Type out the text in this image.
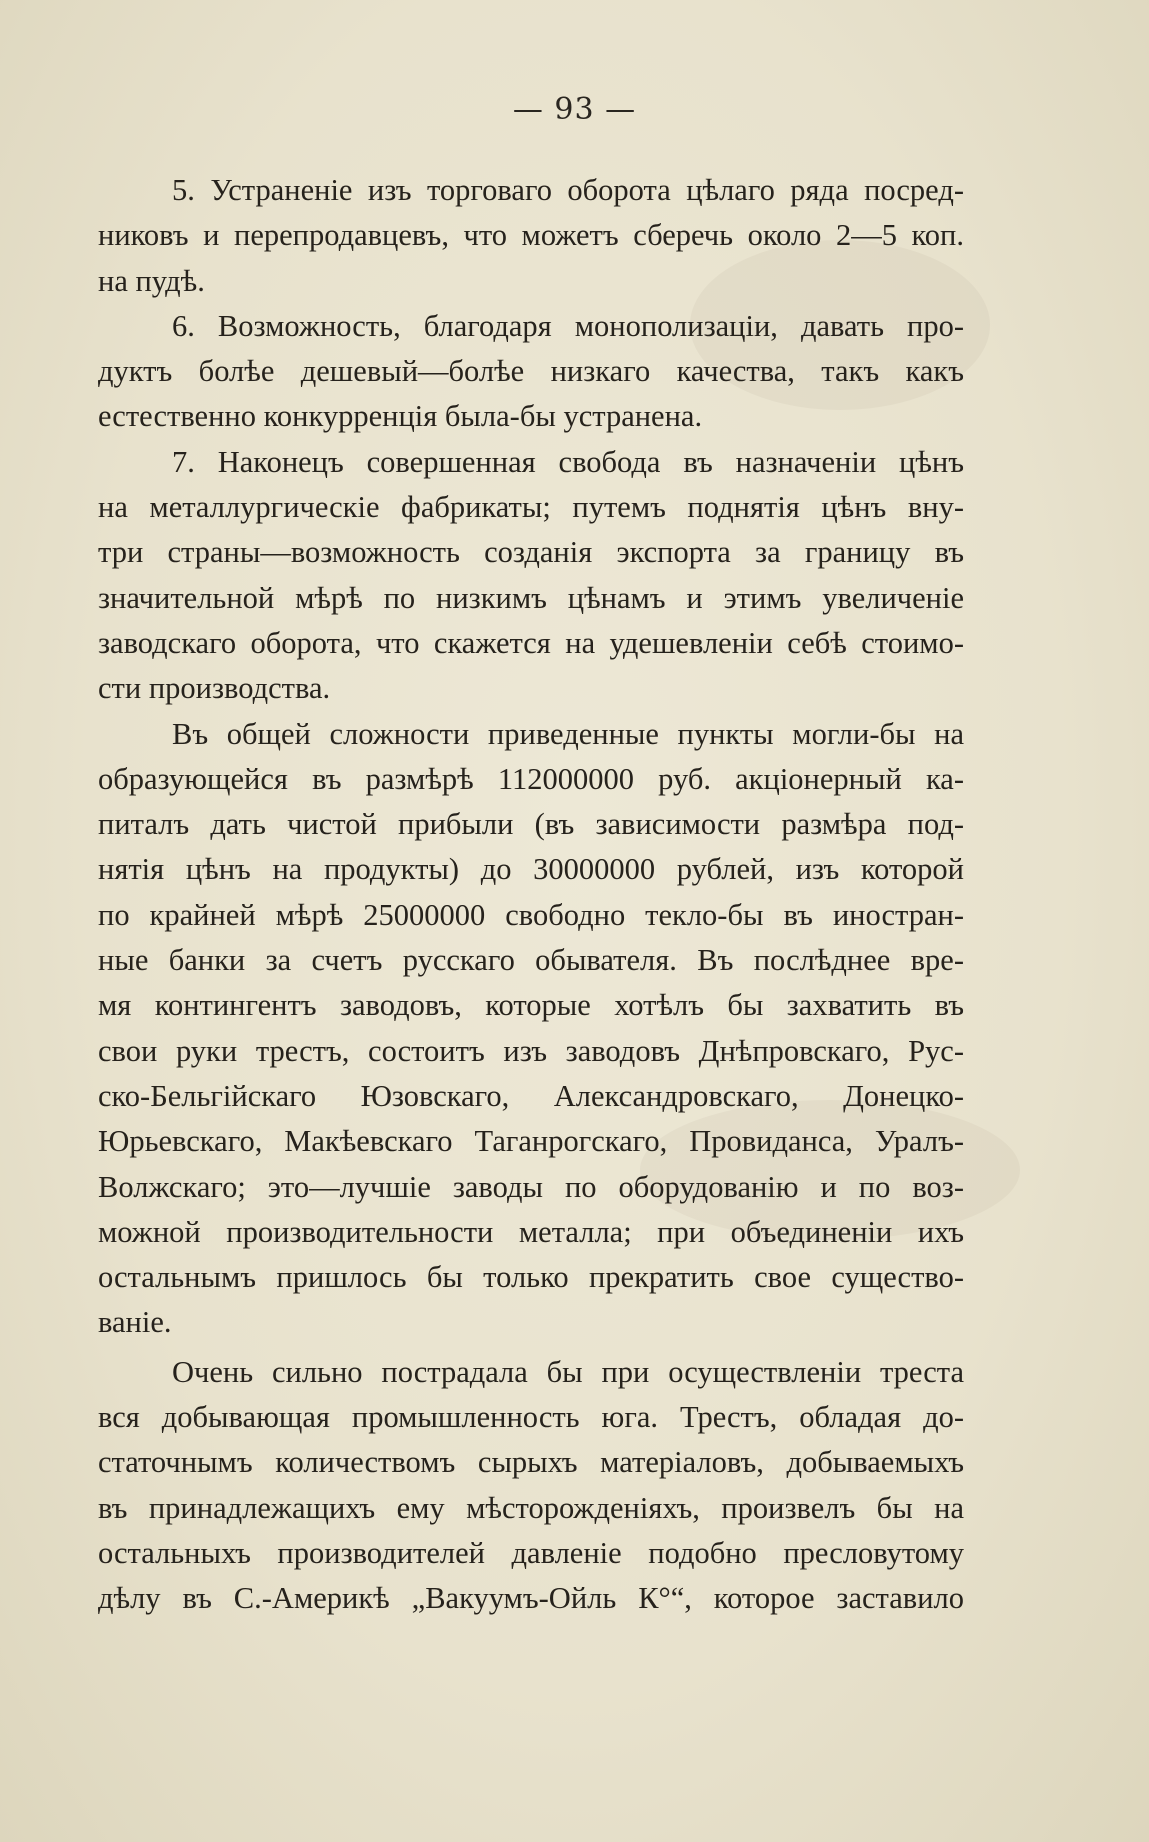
— 93 —
5. Устраненіе изъ торговаго оборота цѣлаго ряда посред-
никовъ и перепродавцевъ, что можетъ сберечь около 2—5 коп.
на пудѣ.
6. Возможность, благодаря монополизаціи, давать про-
дуктъ болѣе дешевый—болѣе низкаго качества, такъ какъ
естественно конкурренція была-бы устранена.
7. Наконецъ совершенная свобода въ назначеніи цѣнъ
на металлургическіе фабрикаты; путемъ поднятія цѣнъ вну-
три страны—возможность созданія экспорта за границу въ
значительной мѣрѣ по низкимъ цѣнамъ и этимъ увеличеніе
заводскаго оборота, что скажется на удешевленіи себѣ стоимо-
сти производства.
Въ общей сложности приведенные пункты могли-бы на
образующейся въ размѣрѣ 112000000 руб. акціонерный ка-
питалъ дать чистой прибыли (въ зависимости размѣра под-
нятія цѣнъ на продукты) до 30000000 рублей, изъ которой
по крайней мѣрѣ 25000000 свободно текло-бы въ иностран-
ные банки за счетъ русскаго обывателя. Въ послѣднее вре-
мя контингентъ заводовъ, которые хотѣлъ бы захватить въ
свои руки трестъ, состоитъ изъ заводовъ Днѣпровскаго, Рус-
ско-Бельгійскаго Юзовскаго, Александровскаго, Донецко-
Юрьевскаго, Макѣевскаго Таганрогскаго, Провиданса, Уралъ-
Волжскаго; это—лучшіе заводы по оборудованію и по воз-
можной производительности металла; при объединеніи ихъ
остальнымъ пришлось бы только прекратить свое существо-
ваніе.
Очень сильно пострадала бы при осуществленіи треста
вся добывающая промышленность юга. Трестъ, обладая до-
статочнымъ количествомъ сырыхъ матеріаловъ, добываемыхъ
въ принадлежащихъ ему мѣсторожденіяхъ, произвелъ бы на
остальныхъ производителей давленіе подобно пресловутому
дѣлу въ С.-Америкѣ „Вакуумъ-Ойль К°“, которое заставило
